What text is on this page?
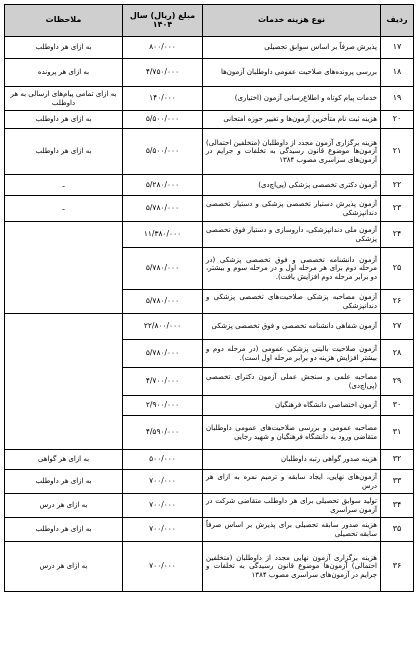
ردیف	نوع هزینه خدمات	مبلغ (ریال) سال ۱۴۰۴	ملاحظات
۱۷	پذیرش صرفاً بر اساس سوابق تحصیلی	۸۰۰/۰۰۰	به ازای هر داوطلب
۱۸	بررسی پرونده‌های صلاحیت عمومی داوطلبان آزمون‌ها	۴/۷۵۰/۰۰۰	به ازای هر پرونده
۱۹	خدمات پیام کوتاه و اطلاع‌رسانی آزمون (اختیاری)	۱۴۰/۰۰۰	به ازای تمامی پیام‌های ارسالی به هر داوطلب
۲۰	هزینه ثبت نام متأخرین آزمون‌ها و تغییر حوزه امتحانی	۵/۵۰۰/۰۰۰	به ازای هر داوطلب
۲۱	هزینه برگزاری آزمون مجدد از داوطلبان (متخلفین احتمالی) آزمون‌ها موضوع قانون رسیدگی به تخلفات و جرایم در آزمون‌های سراسری مصوب ۱۳۸۴	۵/۵۰۰/۰۰۰	به ازای هر داوطلب
۲۲	آزمون دکتری تخصصی پزشکی (پی‌اچ‌دی)	۵/۲۸۰/۰۰۰	ـ
۲۳	آزمون پذیرش دستیار تخصصی پزشکی و دستیار تخصصی دندانپزشکی	۵/۷۸۰/۰۰۰	ـ
۲۴	آزمون ملی دندانپزشکی، داروسازی و دستیار فوق تخصصی پزشکی	۱۱/۳۸۰/۰۰۰	
۲۵	آزمون دانشنامه تخصصی و فوق تخصصی پزشکی (در مرحله دوم برای هر مرحله اول و در مرحله سوم و بیشتر، دو برابر مرحله دوم افزایش یافت).	۵/۷۸۰/۰۰۰	
۲۶	آزمون مصاحبه پزشکی صلاحیت‌های تخصصی پزشکی و دندانپزشکی	۵/۷۸۰/۰۰۰	
۲۷	آزمون شفاهی دانشنامه تخصصی و فوق تخصصی پزشکی	۲۲/۸۰۰/۰۰۰	
۲۸	آزمون صلاحیت بالینی پزشکی عمومی (در مرحله دوم و بیشتر افزایش هزینه دو برابر مرحله اول است).	۵/۷۸۰/۰۰۰	
۲۹	مصاحبه علمی و سنجش عملی آزمون دکترای تخصصی (پی‌اچ‌دی)	۴/۷۰۰/۰۰۰	
۳۰	آزمون اختصاصی دانشگاه فرهنگیان	۲/۹۰۰/۰۰۰	
۳۱	مصاحبه عمومی و بررسی صلاحیت‌های عمومی داوطلبان متقاضی ورود به دانشگاه فرهنگیان و شهید رجایی	۴/۵۹۰/۰۰۰	
۳۲	هزینه صدور گواهی رتبه داوطلبان	۵۰۰/۰۰۰	به ازای هر گواهی
۳۳	آزمون‌های نهایی، ایجاد سابقه و ترمیم نمره به ازای هر درس	۷۰۰/۰۰۰	به ازای هر داوطلب
۳۴	تولید سوابق تحصیلی برای هر داوطلب متقاضی شرکت در آزمون سراسری	۷۰۰/۰۰۰	به ازای هر درس
۳۵	هزینه صدور سابقه تحصیلی برای پذیرش بر اساس صرفاً سابقه تحصیلی	۷۰۰/۰۰۰	به ازای هر داوطلب
۳۶	هزینه برگزاری آزمون نهایی مجدد از داوطلبان (متخلفین احتمالی) آزمون‌ها موضوع قانون رسیدگی به تخلفات و جرایم در آزمون‌های سراسری مصوب ۱۳۸۴	۷۰۰/۰۰۰	به ازای هر درس
